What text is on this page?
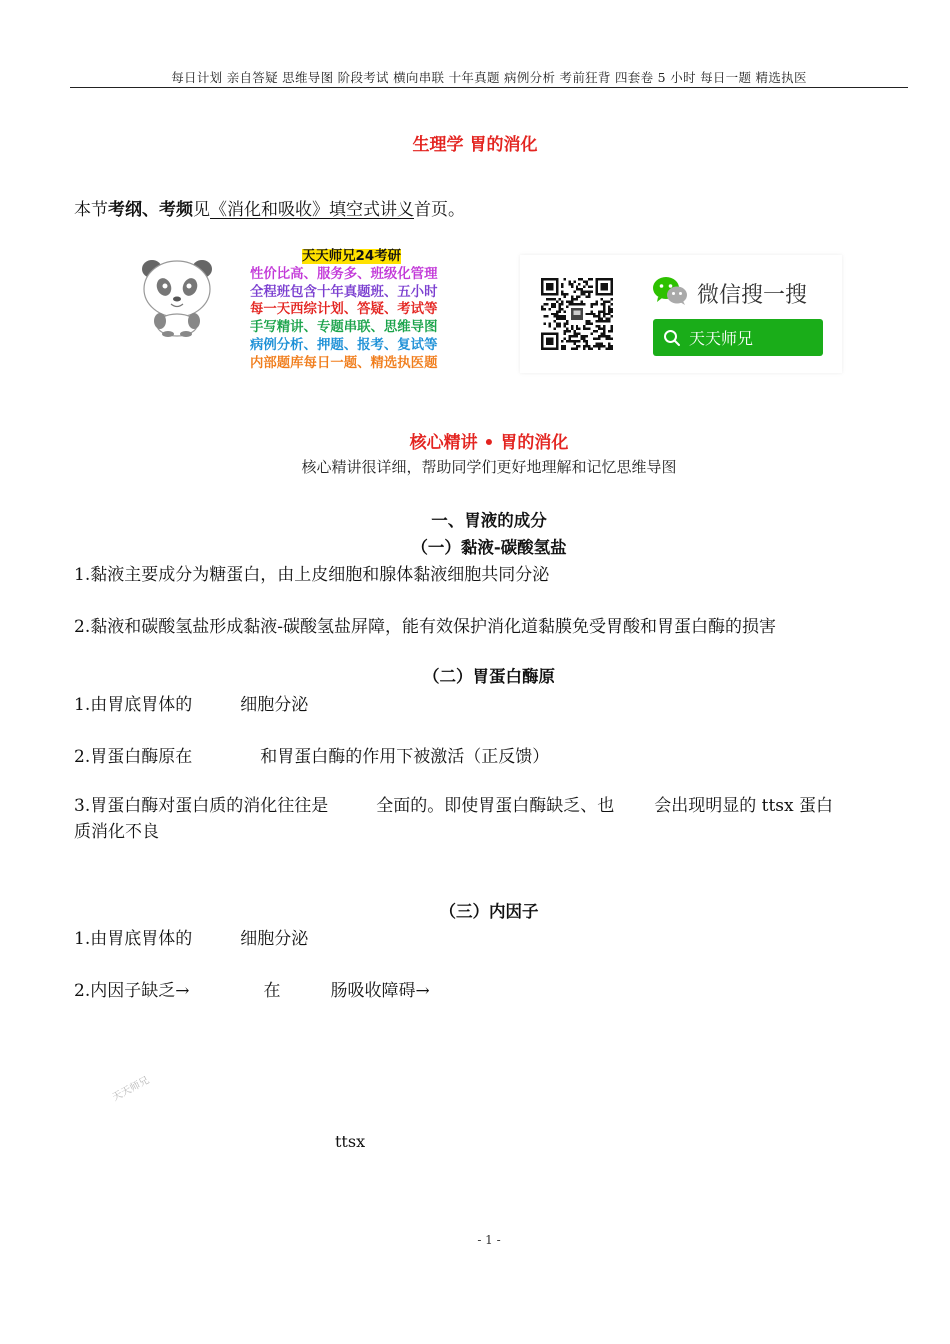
每日计划 亲自答疑 思维导图 阶段考试 横向串联 十年真题 病例分析 考前狂背 四套卷 5 小时 每日一题 精选执医
生理学 胃的消化
本节考纲、考频见《消化和吸收》填空式讲义首页。
天天师兄24考研
性价比高、服务多、班级化管理
全程班包含十年真题班、五小时
每一天西综计划、答疑、考试等
手写精讲、专题串联、思维导图
病例分析、押题、报考、复试等
内部题库每日一题、精选执医题
微信搜一搜
天天师兄
核心精讲 • 胃的消化
核心精讲很详细，帮助同学们更好地理解和记忆思维导图
一、胃液的成分
（一）黏液-碳酸氢盐
1.黏液主要成分为糖蛋白，由上皮细胞和腺体黏液细胞共同分泌
2.黏液和碳酸氢盐形成黏液-碳酸氢盐屏障，能有效保护消化道黏膜免受胃酸和胃蛋白酶的损害
（二）胃蛋白酶原
1.由胃底胃体的	细胞分泌
2.胃蛋白酶原在	和胃蛋白酶的作用下被激活（正反馈）
3.胃蛋白酶对蛋白质的消化往往是	全面的。即使胃蛋白酶缺乏、也 会出现明显的 ttsx 蛋白
质消化不良
（三）内因子
1.由胃底胃体的	细胞分泌
2.内因子缺乏→	在	肠吸收障碍→
天天师兄
ttsx
- 1 -
